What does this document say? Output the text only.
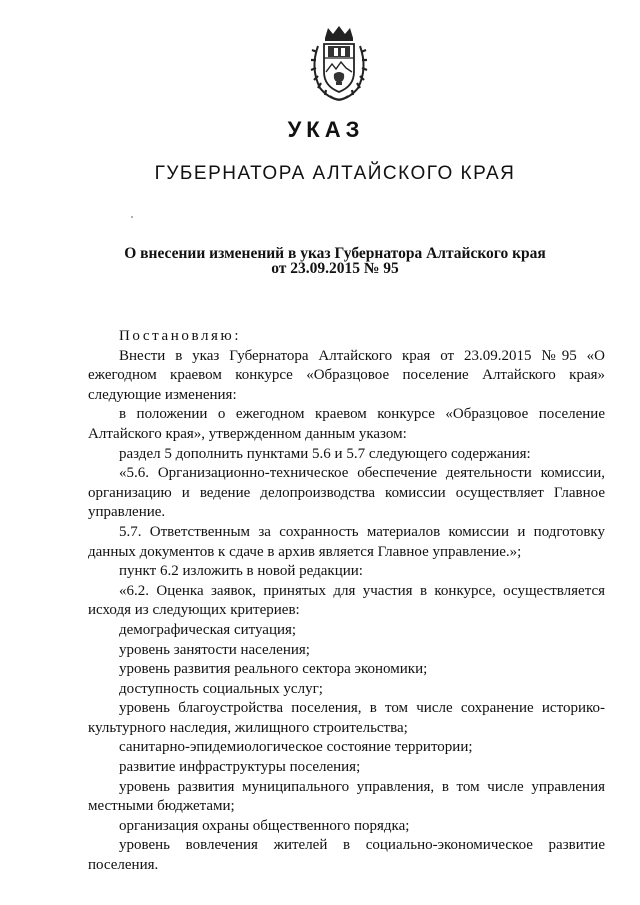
УКАЗ
ГУБЕРНАТОРА АЛТАЙСКОГО КРАЯ
О внесении изменений в указ Губернатора Алтайского края
от 23.09.2015 № 95

Постановляю:

Внести в указ Губернатора Алтайского края от 23.09.2015 №95 «О ежегодном краевом конкурсе «Образцовое поселение Алтайского края» следующие изменения:

в положении о ежегодном краевом конкурсе «Образцовое поселение Алтайского края», утвержденном данным указом:

раздел 5 дополнить пунктами 5.6 и 5.7 следующего содержания:

«5.6. Организационно-техническое обеспечение деятельности комиссии, организацию и ведение делопроизводства комиссии осуществляет Главное управление.

5.7. Ответственным за сохранность материалов комиссии и подготовку данных документов к сдаче в архив является Главное управление.»;

пункт 6.2 изложить в новой редакции:

«6.2. Оценка заявок, принятых для участия в конкурсе, осуществляется исходя из следующих критериев:

демографическая ситуация;

уровень занятости населения;

уровень развития реального сектора экономики;

доступность социальных услуг;

уровень благоустройства поселения, в том числе сохранение историко-культурного наследия, жилищного строительства;

санитарно-эпидемиологическое состояние территории;

развитие инфраструктуры поселения;

уровень развития муниципального управления, в том числе управления местными бюджетами;

организация охраны общественного порядка;

уровень вовлечения жителей в социально-экономическое развитие поселения.
